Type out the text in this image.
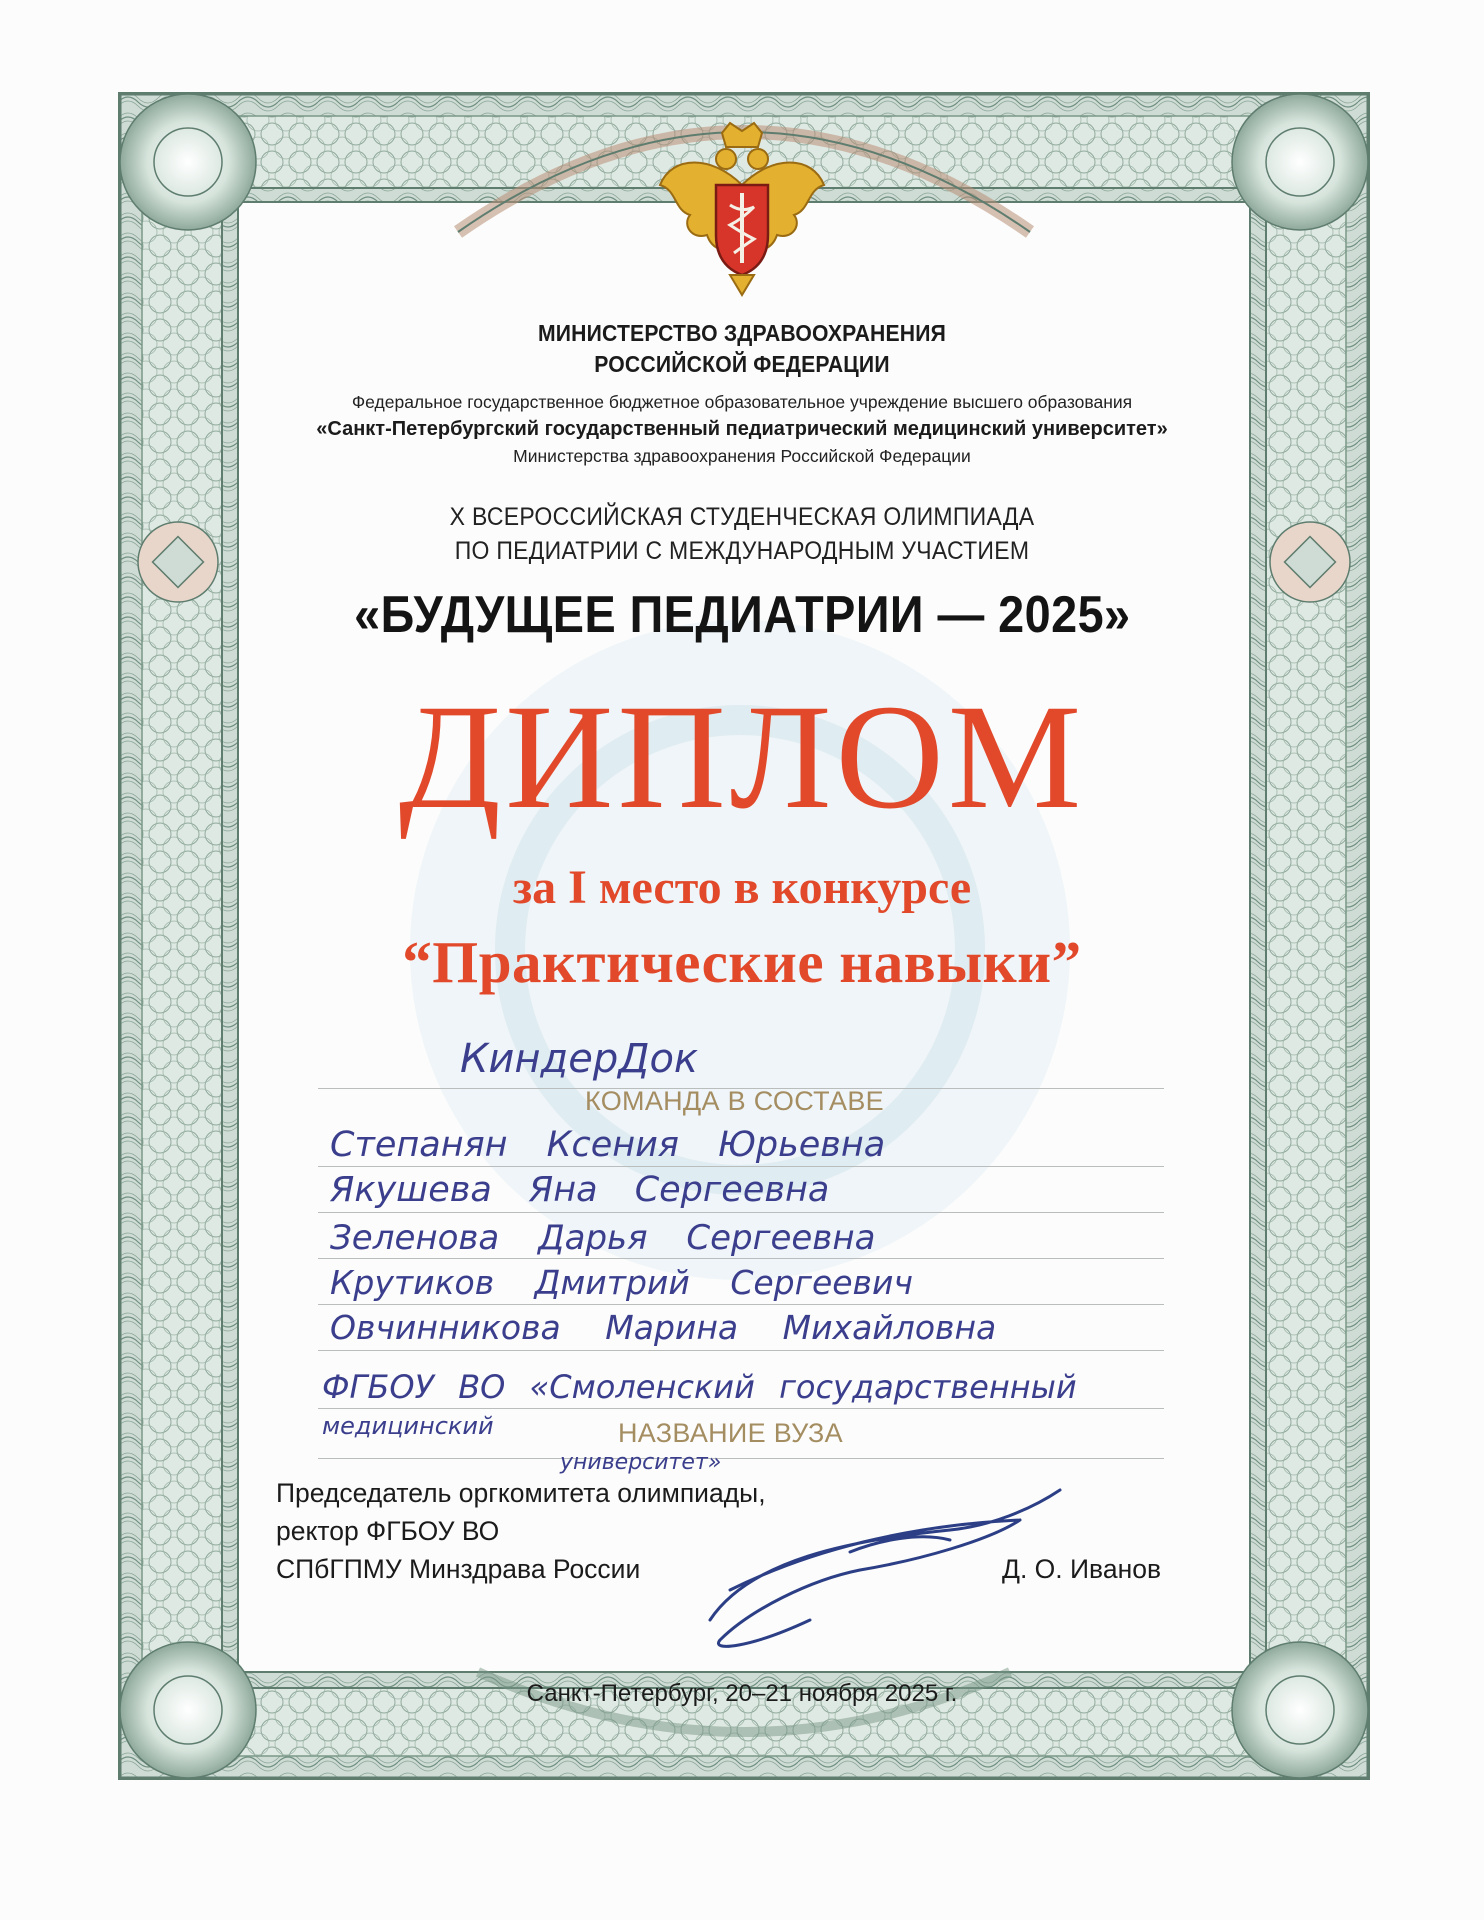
МИНИСТЕРСТВО ЗДРАВООХРАНЕНИЯ
РОССИЙСКОЙ ФЕДЕРАЦИИ
Федеральное государственное бюджетное образовательное учреждение высшего образования
«Санкт-Петербургский государственный педиатрический медицинский университет»
Министерства здравоохранения Российской Федерации
X ВСЕРОССИЙСКАЯ СТУДЕНЧЕСКАЯ ОЛИМПИАДА
ПО ПЕДИАТРИИ С МЕЖДУНАРОДНЫМ УЧАСТИЕМ
«БУДУЩЕЕ ПЕДИАТРИИ — 2025»
ДИПЛОМ
за I место в конкурсе
“Практические навыки”
КиндерДок
КОМАНДА В СОСТАВЕ
Степанян Ксения Юрьевна
Якушева Яна Сергеевна
Зеленова Дарья Сергеевна
Крутиков Дмитрий Сергеевич
Овчинникова Марина Михайловна
ФГБОУ ВО «Смоленский государственный
медицинский	НАЗВАНИЕ ВУЗА
университет»
Председатель оргкомитета олимпиады,
ректор ФГБОУ ВО
СПбГПМУ Минздрава России	Д. О. Иванов
Санкт-Петербург, 20–21 ноября 2025 г.
